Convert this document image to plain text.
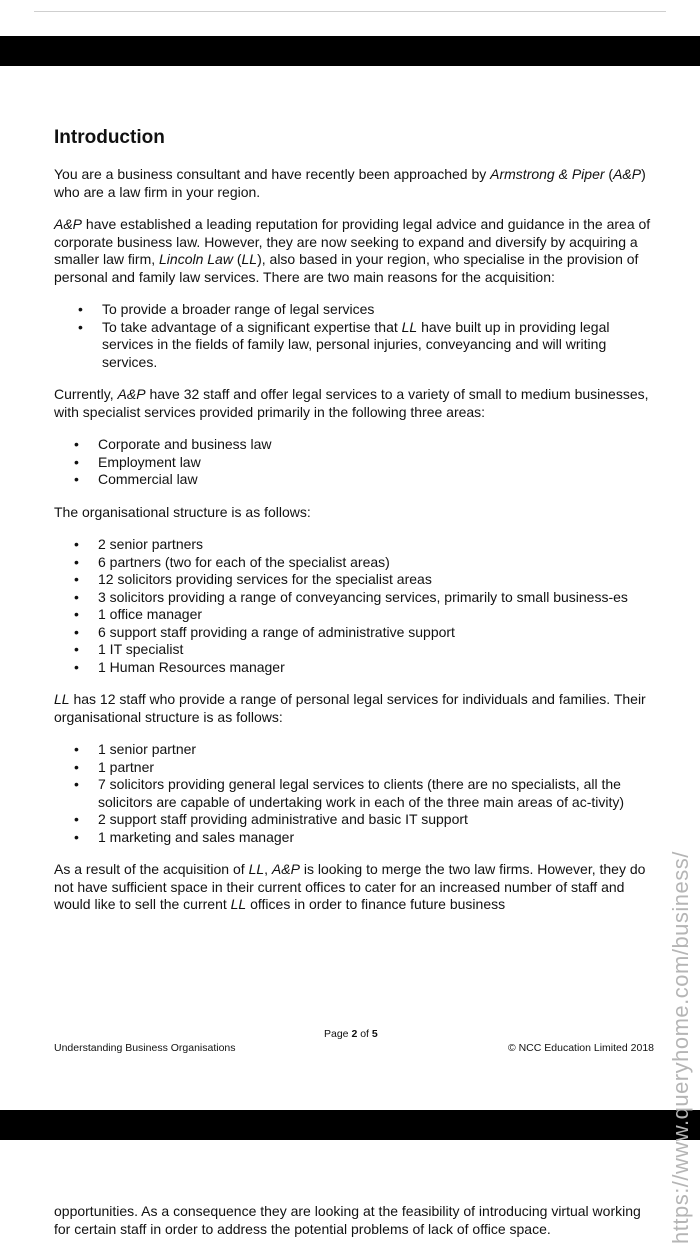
Introduction

You are a business consultant and have recently been approached by Armstrong & Piper (A&P) who are a law firm in your region.

A&P have established a leading reputation for providing legal advice and guidance in the area of corporate business law. However, they are now seeking to expand and diversify by acquiring a smaller law firm, Lincoln Law (LL), also based in your region, who specialise in the provision of personal and family law services. There are two main reasons for the acquisition:

• To provide a broader range of legal services
• To take advantage of a significant expertise that LL have built up in providing legal services in the fields of family law, personal injuries, conveyancing and will writing services.

Currently, A&P have 32 staff and offer legal services to a variety of small to medium businesses, with specialist services provided primarily in the following three areas:

• Corporate and business law
• Employment law
• Commercial law

The organisational structure is as follows:

• 2 senior partners
• 6 partners (two for each of the specialist areas)
• 12 solicitors providing services for the specialist areas
• 3 solicitors providing a range of conveyancing services, primarily to small business-es
• 1 office manager
• 6 support staff providing a range of administrative support
• 1 IT specialist
• 1 Human Resources manager

LL has 12 staff who provide a range of personal legal services for individuals and families. Their organisational structure is as follows:

• 1 senior partner
• 1 partner
• 7 solicitors providing general legal services to clients (there are no specialists, all the solicitors are capable of undertaking work in each of the three main areas of ac-tivity)
• 2 support staff providing administrative and basic IT support
• 1 marketing and sales manager

As a result of the acquisition of LL, A&P is looking to merge the two law firms. However, they do not have sufficient space in their current offices to cater for an increased number of staff and would like to sell the current LL offices in order to finance future business

Understanding Business Organisations
Page 2 of 5
© NCC Education Limited 2018

opportunities. As a consequence they are looking at the feasibility of introducing virtual working for certain staff in order to address the potential problems of lack of office space.	https://www.queryhome.com/business/
